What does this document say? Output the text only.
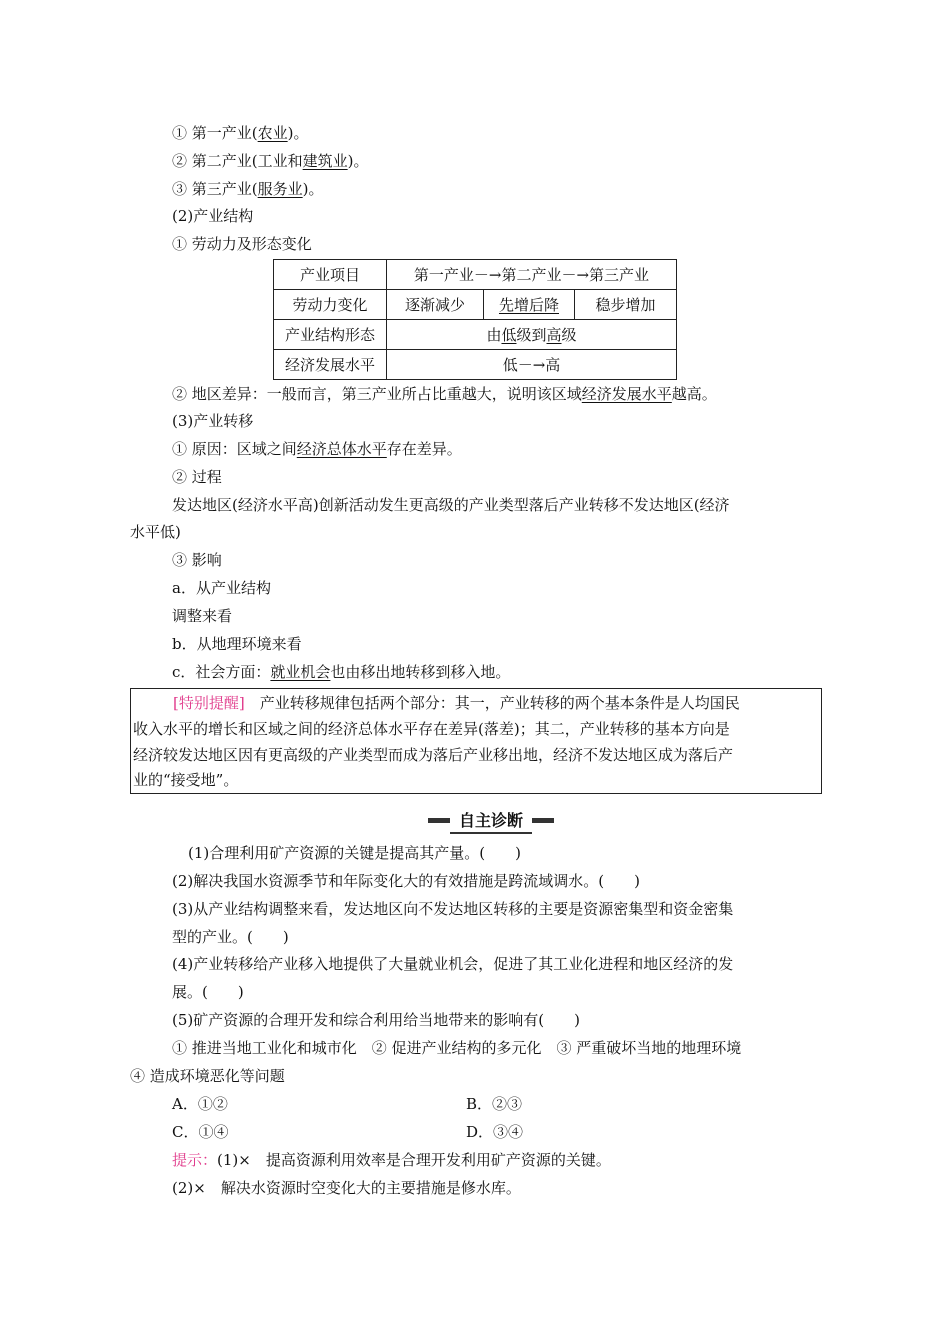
① 第一产业(农业)。
② 第二产业(工业和建筑业)。
③ 第三产业(服务业)。
(2)产业结构
① 劳动力及形态变化
产业项目	第一产业－→第二产业－→第三产业		
劳动力变化	逐渐减少	先增后降	稳步增加
产业结构形态	由低级到高级		
经济发展水平	低－→高		
② 地区差异：一般而言，第三产业所占比重越大，说明该区域经济发展水平越高。
(3)产业转移
① 原因：区域之间经济总体水平存在差异。
② 过程
发达地区(经济水平高)创新活动发生更高级的产业类型落后产业转移不发达地区(经济
水平低)
③ 影响
a．从产业结构
调整来看
b．从地理环境来看
c．社会方面：就业机会也由移出地转移到移入地。
[特别提醒]　 产业转移规律包括两个部分：其一，产业转移的两个基本条件是人均国民
收入水平的增长和区域之间的经济总体水平存在差异(落差)；其二，产业转移的基本方向是
经济较发达地区因有更高级的产业类型而成为落后产业移出地，经济不发达地区成为落后产
业的“接受地”。
自主诊断
(1)合理利用矿产资源的关键是提高其产量。(　　)
(2)解决我国水资源季节和年际变化大的有效措施是跨流域调水。(　　)
(3)从产业结构调整来看，发达地区向不发达地区转移的主要是资源密集型和资金密集
型的产业。(　　)
(4)产业转移给产业移入地提供了大量就业机会，促进了其工业化进程和地区经济的发
展。(　　)
(5)矿产资源的合理开发和综合利用给当地带来的影响有(　　)
① 推进当地工业化和城市化　② 促进产业结构的多元化　③ 严重破坏当地的地理环境
④ 造成环境恶化等问题
A．①②	B．②③
C．①④	D．③④
提示：(1)×　提高资源利用效率是合理开发利用矿产资源的关键。
(2)×　解决水资源时空变化大的主要措施是修水库。
